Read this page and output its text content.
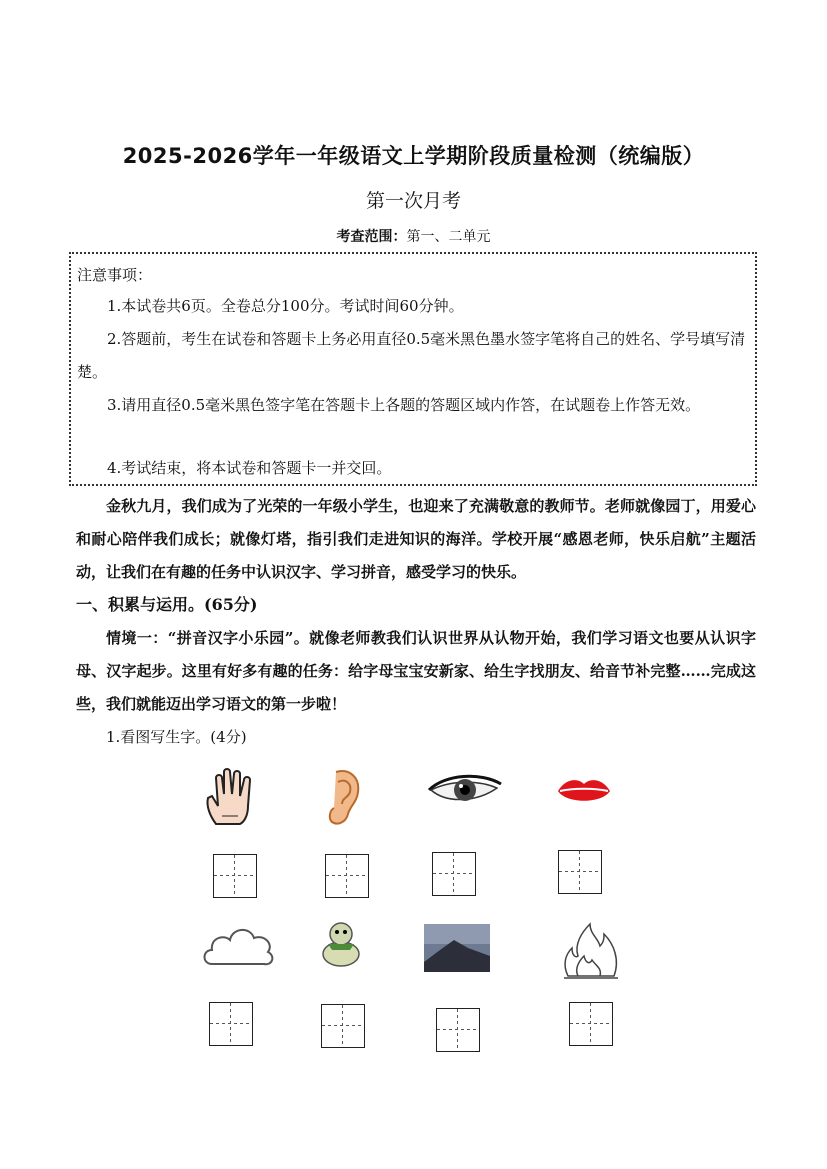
2025-2026学年一年级语文上学期阶段质量检测（统编版）
第一次月考
考查范围：第一、二单元
注意事项：
1.本试卷共6页。全卷总分100分。考试时间60分钟。
2.答题前，考生在试卷和答题卡上务必用直径0.5毫米黑色墨水签字笔将自己的姓名、学号填写清楚。
3.请用直径0.5毫米黑色签字笔在答题卡上各题的答题区域内作答，在试题卷上作答无效。
4.考试结束，将本试卷和答题卡一并交回。
金秋九月，我们成为了光荣的一年级小学生，也迎来了充满敬意的教师节。老师就像园丁，用爱心和耐心陪伴我们成长；就像灯塔，指引我们走进知识的海洋。学校开展“感恩老师，快乐启航”主题活动，让我们在有趣的任务中认识汉字、学习拼音，感受学习的快乐。
一、积累与运用。(65分)
情境一：“拼音汉字小乐园”。就像老师教我们认识世界从认物开始，我们学习语文也要从认识字母、汉字起步。这里有好多有趣的任务：给字母宝宝安新家、给生字找朋友、给音节补完整……完成这些，我们就能迈出学习语文的第一步啦！
1.看图写生字。(4分)
